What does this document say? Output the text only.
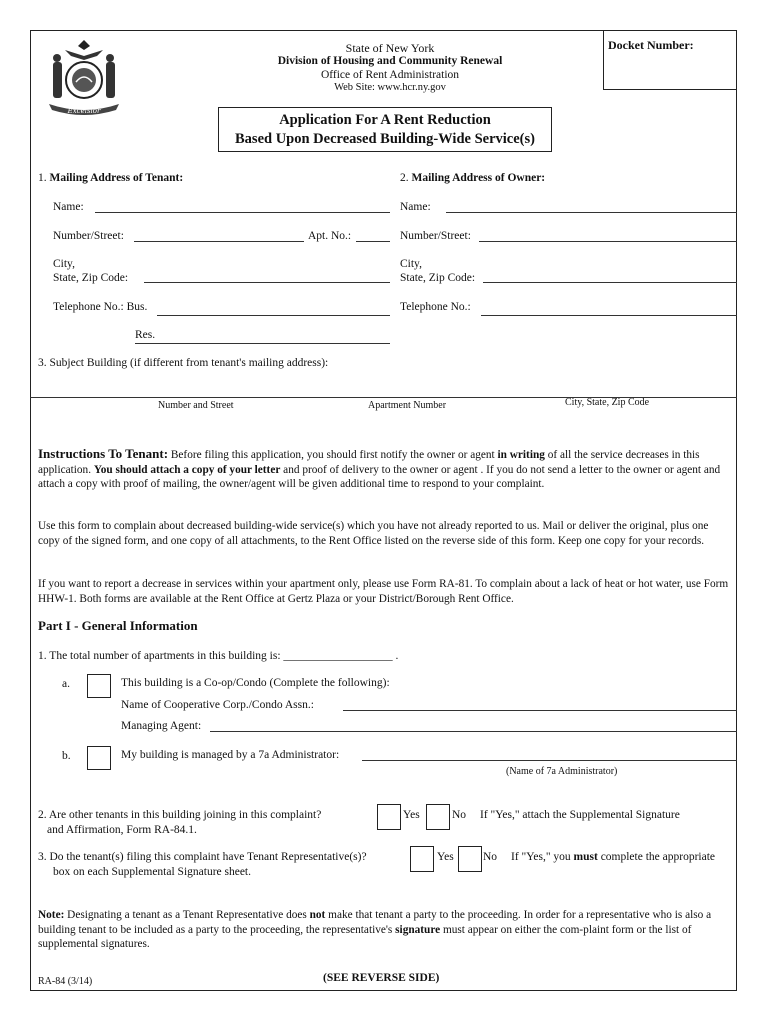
Excelsior
State of New York
Division of Housing and Community Renewal
Office of Rent Administration
Web Site: www.hcr.ny.gov
Docket Number:
Application For A Rent Reduction
Based Upon Decreased Building-Wide Service(s)
1. Mailing Address of Tenant:
Name:
Number/Street:	Apt. No.:
City,
State, Zip Code:
Telephone No.: Bus.
Res.
2. Mailing Address of Owner:
Name:
Number/Street:
City,
State, Zip Code:
Telephone No.:
3. Subject Building (if different from tenant's mailing address):
Number and Street	Apartment Number	City, State, Zip Code
Instructions To Tenant: Before filing this application, you should first notify the owner or agent in writing of all the service decreases in this application. You should attach a copy of your letter and proof of delivery to the owner or agent . If you do not send a letter to the owner or agent and attach a copy with proof of mailing, the owner/agent will be given additional time to respond to your complaint.
Use this form to complain about decreased building-wide service(s) which you have not already reported to us. Mail or deliver the original, plus one copy of the signed form, and one copy of all attachments, to the Rent Office listed on the reverse side of this form. Keep one copy for your records.
If you want to report a decrease in services within your apartment only, please use Form RA-81. To complain about a lack of heat or hot water, use Form HHW-1. Both forms are available at the Rent Office at Gertz Plaza or your District/Borough Rent Office.
Part I - General Information
1. The total number of apartments in this building is: ___________________ .
a.	This building is a Co-op/Condo (Complete the following):
Name of Cooperative Corp./Condo Assn.:
Managing Agent:
b.	My building is managed by a 7a Administrator:
(Name of 7a Administrator)
2. Are other tenants in this building joining in this complaint?
and Affirmation, Form RA-84.1.
Yes	No If "Yes," attach the Supplemental Signature
3. Do the tenant(s) filing this complaint have Tenant Representative(s)?
box on each Supplemental Signature sheet.
Yes	No If "Yes," you must complete the appropriate
Note: Designating a tenant as a Tenant Representative does not make that tenant a party to the proceeding. In order for a representative who is also a building tenant to be included as a party to the proceeding, the representative's signature must appear on either the com-plaint form or the list of supplemental signatures.
RA-84 (3/14)	(SEE REVERSE SIDE)
